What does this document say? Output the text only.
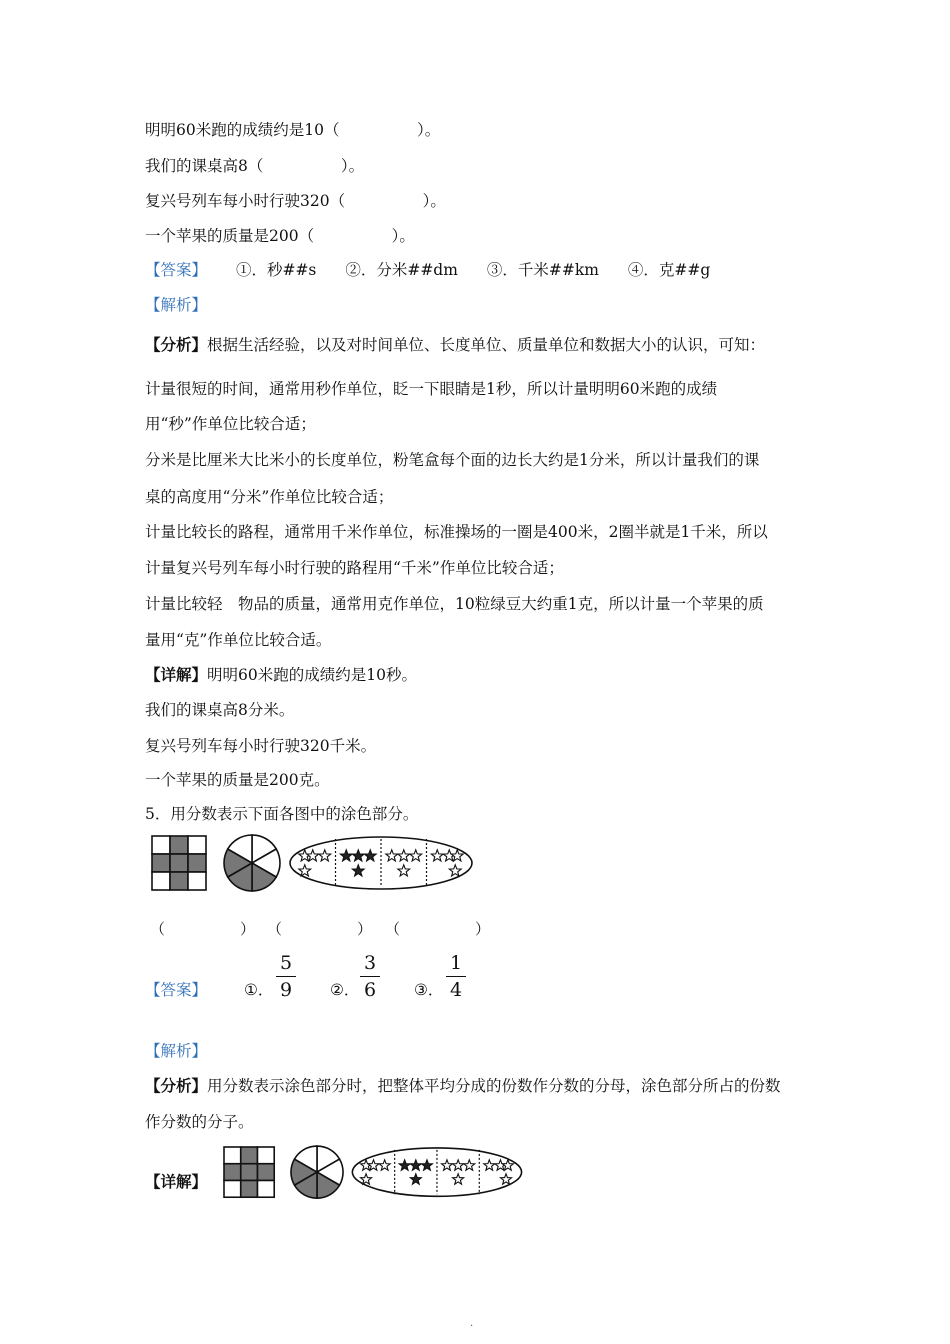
明明60米跑的成绩约是10（　　　　　）。
我们的课桌高8（　　　　　）。
复兴号列车每小时行驶320（　　　　　）。
一个苹果的质量是200（　　　　　）。
【答案】 ①．秒##s ②．分米##dm ③．千米##km ④．克##g
【解析】
【分析】根据生活经验，以及对时间单位、长度单位、质量单位和数据大小的认识，可知：
计量很短的时间，通常用秒作单位，眨一下眼睛是1秒，所以计量明明60米跑的成绩
用“秒”作单位比较合适；
分米是比厘米大比米小的长度单位，粉笔盒每个面的边长大约是1分米，所以计量我们的课
桌的高度用“分米”作单位比较合适；
计量比较长的路程，通常用千米作单位，标准操场的一圈是400米，2圈半就是1千米，所以
计量复兴号列车每小时行驶的路程用“千米”作单位比较合适；
计量比较轻　物品的质量，通常用克作单位，10粒绿豆大约重1克，所以计量一个苹果的质
量用“克”作单位比较合适。
【详解】明明60米跑的成绩约是10秒。
我们的课桌高8分米。
复兴号列车每小时行驶320千米。
一个苹果的质量是200克。
5．用分数表示下面各图中的涂色部分。
（　　　　　） （　　　　　） （　　　　　）
【答案】 ①．
5
9 ②．
3
6 ③．
1
4
【解析】
【分析】用分数表示涂色部分时，把整体平均分成的份数作分数的分母，涂色部分所占的份数
作分数的分子。
【详解】
.
